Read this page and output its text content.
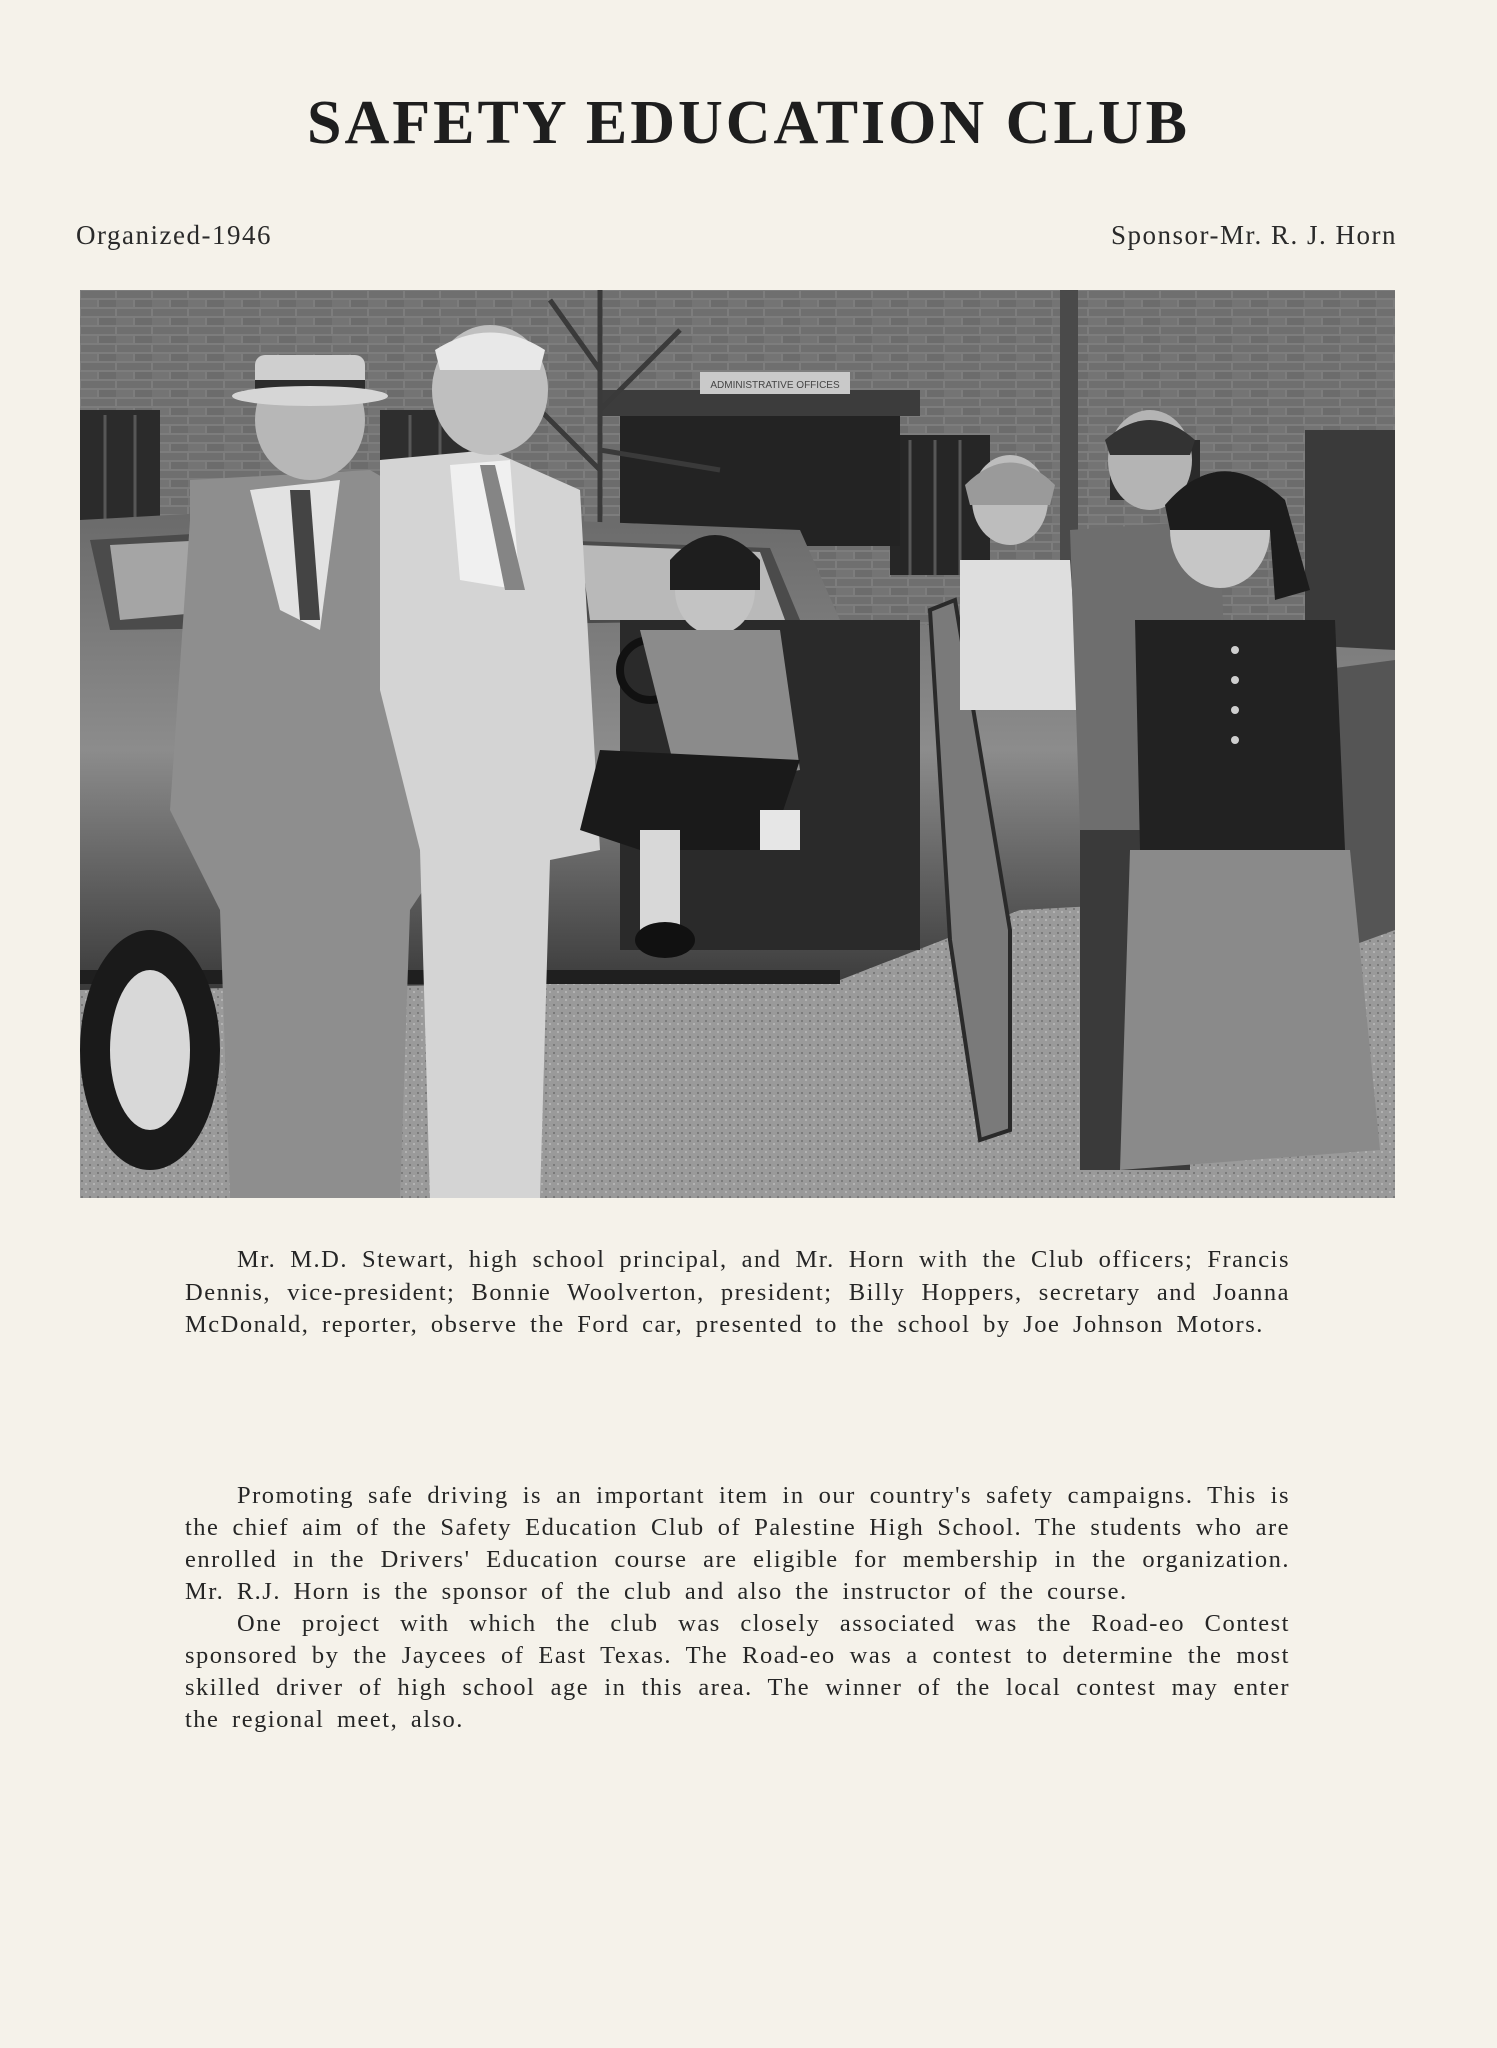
SAFETY EDUCATION CLUB
Organized-1946	Sponsor-Mr. R. J. Horn
ADMINISTRATIVE OFFICES

Mr. M.D. Stewart, high school principal, and Mr. Horn with the Club officers; Francis Dennis, vice-president; Bonnie Woolverton, president; Billy Hoppers, secretary and Joanna McDonald, reporter, observe the Ford car, presented to the school by Joe Johnson Motors.

Promoting safe driving is an important item in our country's safety campaigns. This is the chief aim of the Safety Education Club of Palestine High School. The students who are enrolled in the Drivers' Education course are eligible for membership in the organization. Mr. R.J. Horn is the sponsor of the club and also the instructor of the course.

One project with which the club was closely associated was the Road-eo Contest sponsored by the Jaycees of East Texas. The Road-eo was a contest to determine the most skilled driver of high school age in this area. The winner of the local contest may enter the regional meet, also.
